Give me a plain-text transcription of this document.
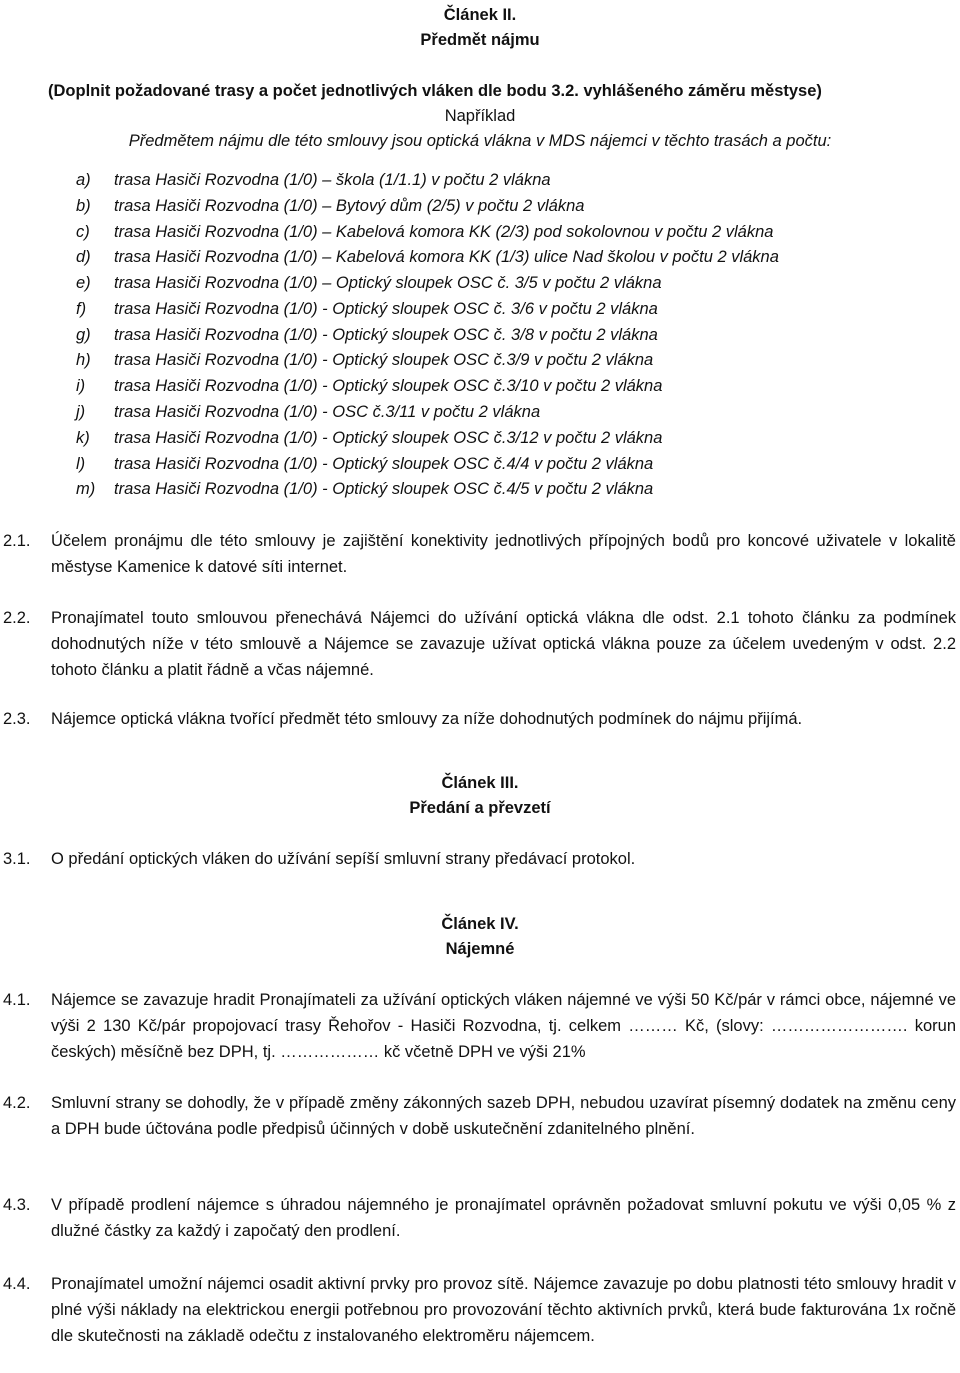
Článek II.
Předmět nájmu
(Doplnit požadované trasy a počet jednotlivých vláken dle bodu 3.2. vyhlášeného záměru městyse)
Například
Předmětem nájmu dle této smlouvy jsou optická vlákna v MDS nájemci v těchto trasách a počtu:
a) trasa Hasiči Rozvodna (1/0) – škola (1/1.1) v počtu 2 vlákna
b) trasa Hasiči Rozvodna (1/0) – Bytový dům (2/5) v počtu 2 vlákna
c) trasa Hasiči Rozvodna (1/0) – Kabelová komora KK (2/3) pod sokolovnou v počtu 2 vlákna
d) trasa Hasiči Rozvodna (1/0) – Kabelová komora KK (1/3) ulice Nad školou v počtu 2 vlákna
e) trasa Hasiči Rozvodna (1/0) – Optický sloupek OSC č. 3/5 v počtu 2 vlákna
f) trasa Hasiči Rozvodna (1/0) - Optický sloupek OSC č. 3/6 v počtu 2 vlákna
g) trasa Hasiči Rozvodna (1/0) - Optický sloupek OSC č. 3/8 v počtu 2 vlákna
h) trasa Hasiči Rozvodna (1/0) - Optický sloupek OSC č.3/9 v počtu 2 vlákna
i) trasa Hasiči Rozvodna (1/0) - Optický sloupek OSC č.3/10 v počtu 2 vlákna
j) trasa Hasiči Rozvodna (1/0) - OSC č.3/11 v počtu 2 vlákna
k) trasa Hasiči Rozvodna (1/0) - Optický sloupek OSC č.3/12 v počtu 2 vlákna
l) trasa Hasiči Rozvodna (1/0) - Optický sloupek OSC č.4/4 v počtu 2 vlákna
m) trasa Hasiči Rozvodna (1/0) - Optický sloupek OSC č.4/5 v počtu 2 vlákna
2.1. Účelem pronájmu dle této smlouvy je zajištění konektivity jednotlivých přípojných bodů pro koncové uživatele v lokalitě městyse Kamenice k datové síti internet.
2.2. Pronajímatel touto smlouvou přenechává Nájemci do užívání optická vlákna dle odst. 2.1 tohoto článku za podmínek dohodnutých níže v této smlouvě a Nájemce se zavazuje užívat optická vlákna pouze za účelem uvedeným v odst. 2.2 tohoto článku a platit řádně a včas nájemné.
2.3. Nájemce optická vlákna tvořící předmět této smlouvy za níže dohodnutých podmínek do nájmu přijímá.
Článek III.
Předání a převzetí
3.1. O předání optických vláken do užívání sepíší smluvní strany předávací protokol.
Článek IV.
Nájemné
4.1. Nájemce se zavazuje hradit Pronajímateli za užívání optických vláken nájemné ve výši 50 Kč/pár v rámci obce, nájemné ve výši 2 130 Kč/pár propojovací trasy Řehořov - Hasiči Rozvodna, tj. celkem ……… Kč, (slovy: ……………………. korun českých) měsíčně bez DPH, tj. ……………… kč včetně DPH ve výši 21%
4.2. Smluvní strany se dohodly, že v případě změny zákonných sazeb DPH, nebudou uzavírat písemný dodatek na změnu ceny a DPH bude účtována podle předpisů účinných v době uskutečnění zdanitelného plnění.
4.3. V případě prodlení nájemce s úhradou nájemného je pronajímatel oprávněn požadovat smluvní pokutu ve výši 0,05 % z dlužné částky za každý i započatý den prodlení.
4.4. Pronajímatel umožní nájemci osadit aktivní prvky pro provoz sítě. Nájemce zavazuje po dobu platnosti této smlouvy hradit v plné výši náklady na elektrickou energii potřebnou pro provozování těchto aktivních prvků, která bude fakturována 1x ročně dle skutečnosti na základě odečtu z instalovaného elektroměru nájemcem.
